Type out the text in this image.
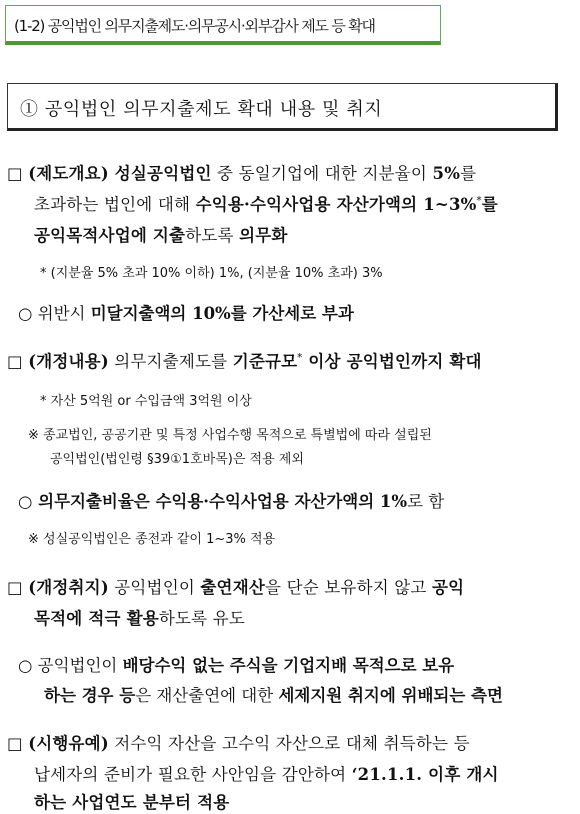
(1-2) 공익법인 의무지출제도·의무공시·외부감사 제도 등 확대
① 공익법인 의무지출제도 확대 내용 및 취지
□ (제도개요) 성실공익법인 중 동일기업에 대한 지분율이 5%를
초과하는 법인에 대해 수익용·수익사업용 자산가액의 1~3%*를
공익목적사업에 지출하도록 의무화
* (지분율 5% 초과 10% 이하) 1%, (지분율 10% 초과) 3%
○ 위반시 미달지출액의 10%를 가산세로 부과
□ (개정내용) 의무지출제도를 기준규모* 이상 공익법인까지 확대
* 자산 5억원 or 수입금액 3억원 이상
※ 종교법인, 공공기관 및 특정 사업수행 목적으로 특별법에 따라 설립된
공익법인(법인령 §39①1호바목)은 적용 제외
○ 의무지출비율은 수익용·수익사업용 자산가액의 1%로 함
※ 성실공익법인은 종전과 같이 1~3% 적용
□ (개정취지) 공익법인이 출연재산을 단순 보유하지 않고 공익
목적에 적극 활용하도록 유도
○ 공익법인이 배당수익 없는 주식을 기업지배 목적으로 보유
하는 경우 등은 재산출연에 대한 세제지원 취지에 위배되는 측면
□ (시행유예) 저수익 자산을 고수익 자산으로 대체 취득하는 등
납세자의 준비가 필요한 사안임을 감안하여 ‘21.1.1. 이후 개시
하는 사업연도 분부터 적용
